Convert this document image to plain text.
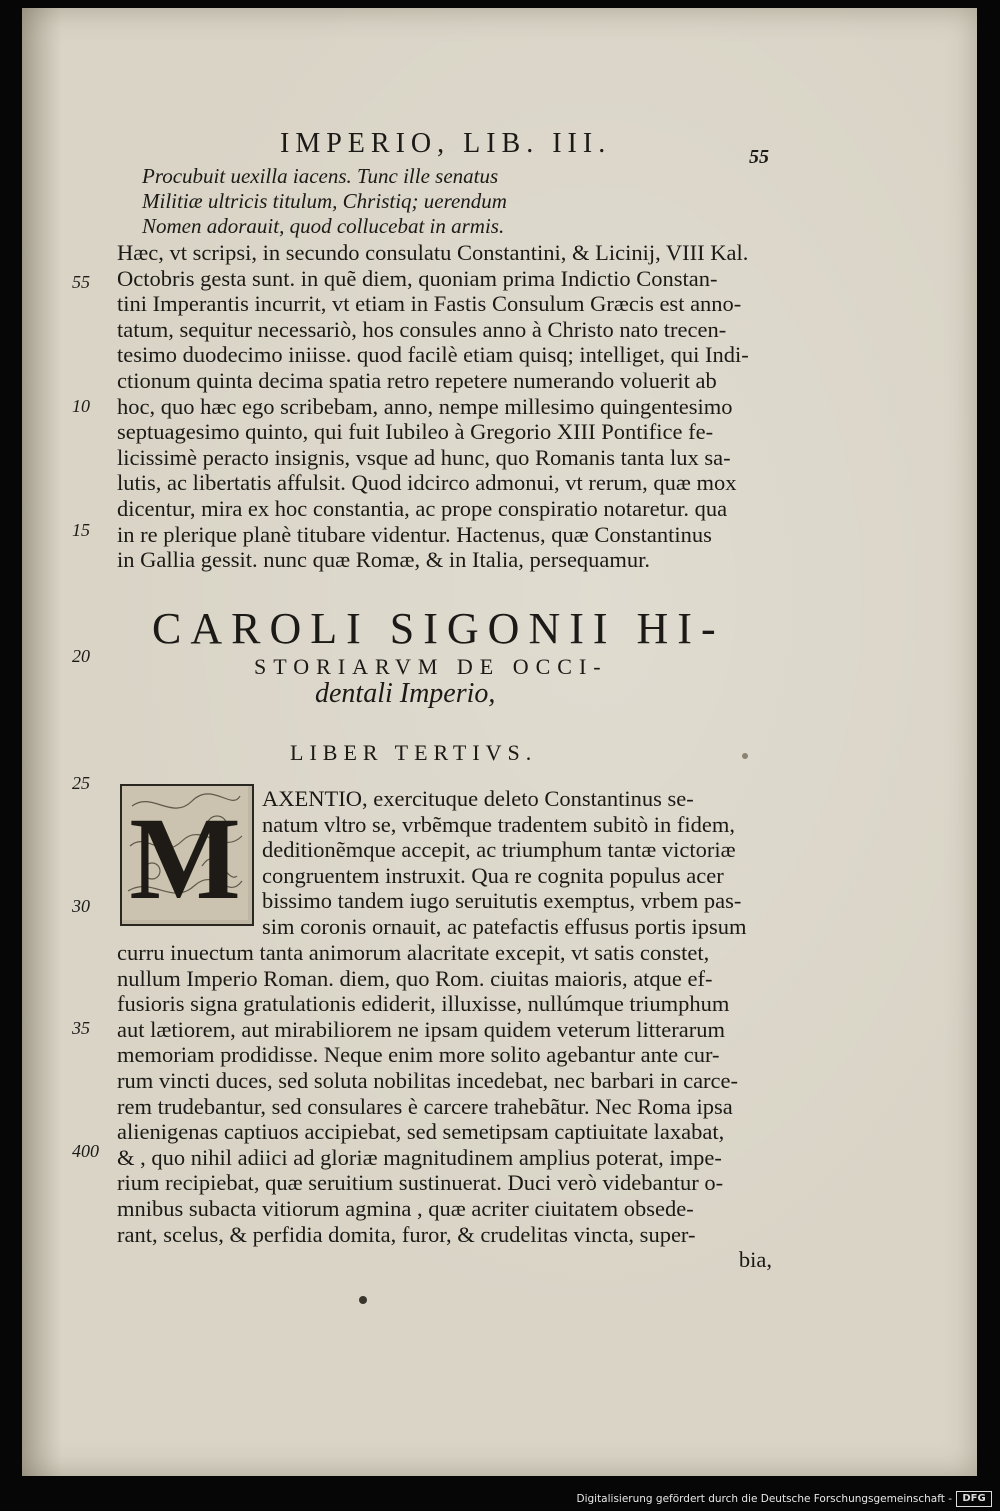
IMPERIO, LIB. III.	55
Procubuit uexilla iacens. Tunc ille senatus
Militiæ ultricis titulum, Christiq; uerendum
Nomen adorauit, quod collucebat in armis.
Hæc, vt scripsi, in secundo consulatu Constantini, & Licinij, VIII Kal.
Octobris gesta sunt. in quẽ diem, quoniam prima Indictio Constan-
tini Imperantis incurrit, vt etiam in Fastis Consulum Græcis est anno-
tatum, sequitur necessariò, hos consules anno à Christo nato trecen-
tesimo duodecimo iniisse. quod facilè etiam quisq; intelliget, qui Indi-
ctionum quinta decima spatia retro repetere numerando voluerit ab
hoc, quo hæc ego scribebam, anno, nempe millesimo quingentesimo
septuagesimo quinto, qui fuit Iubileo à Gregorio XIII Pontifice fe-
licissimè peracto insignis, vsque ad hunc, quo Romanis tanta lux sa-
lutis, ac libertatis affulsit. Quod idcirco admonui, vt rerum, quæ mox
dicentur, mira ex hoc constantia, ac prope conspiratio notaretur. qua
in re plerique planè titubare videntur. Hactenus, quæ Constantinus
in Gallia gessit. nunc quæ Romæ, & in Italia, persequamur.
55
10
15
20
25
30
35
400
CAROLI SIGONII HI-
STORIARVM DE OCCI-
dentali Imperio,
LIBER TERTIVS.
M AXENTIO, exercituque deleto Constantinus se-
natum vltro se, vrbẽmque tradentem subitò in fidem,
deditionẽmque accepit, ac triumphum tantæ victoriæ
congruentem instruxit. Qua re cognita populus acer
bissimo tandem iugo seruitutis exemptus, vrbem pas-
sim coronis ornauit, ac patefactis effusus portis ipsum
curru inuectum tanta animorum alacritate excepit, vt satis constet,
nullum Imperio Roman. diem, quo Rom. ciuitas maioris, atque ef-
fusioris signa gratulationis ediderit, illuxisse, nullúmque triumphum
aut lætiorem, aut mirabiliorem ne ipsam quidem veterum litterarum
memoriam prodidisse. Neque enim more solito agebantur ante cur-
rum vincti duces, sed soluta nobilitas incedebat, nec barbari in carce-
rem trudebantur, sed consulares è carcere trahebãtur. Nec Roma ipsa
alienigenas captiuos accipiebat, sed semetipsam captiuitate laxabat,
& , quo nihil adiici ad gloriæ magnitudinem amplius poterat, impe-
rium recipiebat, quæ seruitium sustinuerat. Duci verò videbantur o-
mnibus subacta vitiorum agmina , quæ acriter ciuitatem obsede-
rant, scelus, & perfidia domita, furor, & crudelitas vincta, super-
bia,
Digitalisierung gefördert durch die Deutsche Forschungsgemeinschaft -	DFG
